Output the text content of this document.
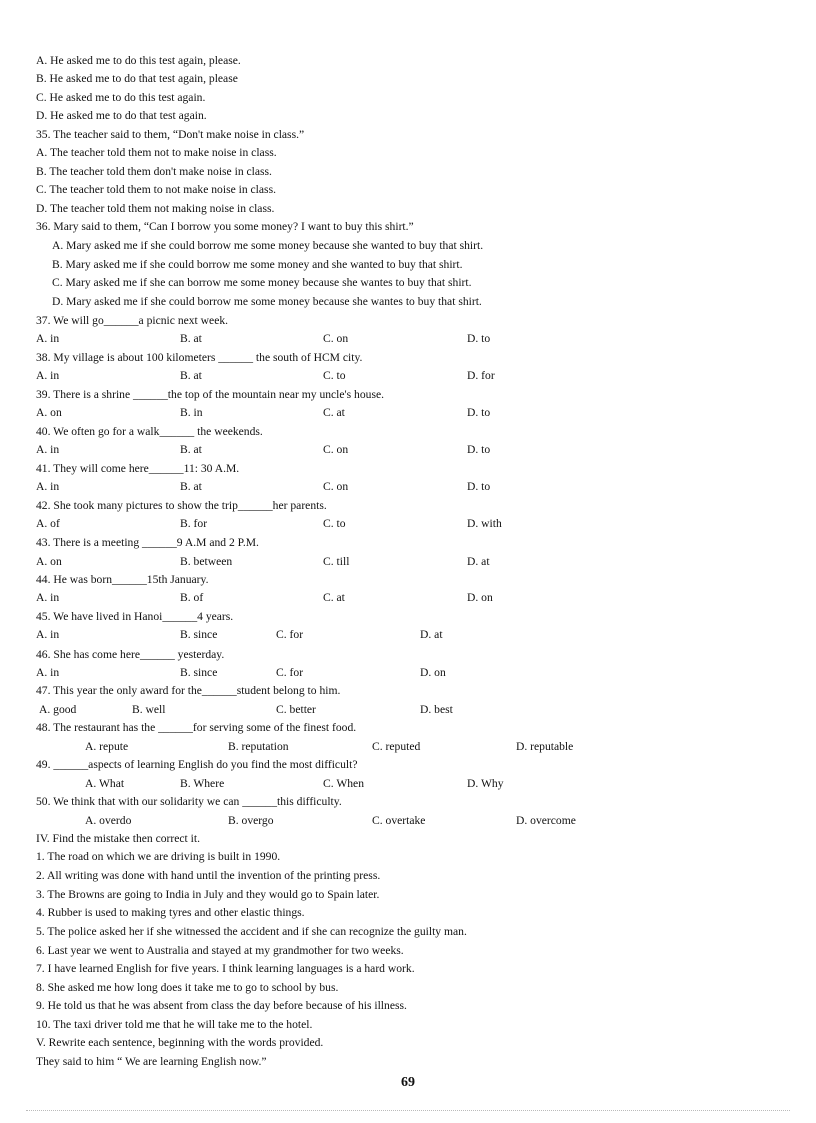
A. He asked me to do this test again, please.
B. He asked me to do that test again, please
C. He asked me to do this test again.
D. He asked me to do that test again.
35. The teacher said to them, “Don't make noise in class.”
A. The teacher told them not to make noise in class.
B. The teacher told them don't make noise in class.
C. The teacher told them to not make noise in class.
D. The teacher told them not making noise in class.
36. Mary said to them, “Can I borrow you some money? I want to buy this shirt.”
A. Mary asked me if she could borrow me some money because she wanted to buy that shirt.
B. Mary asked me if she could borrow me some money and she wanted to buy that shirt.
C. Mary asked me if she can borrow me some money because she wantes to buy that shirt.
D. Mary asked me if she could borrow me some money because she wantes to buy that shirt.
37. We will go______a picnic next week.
A. in	B. at	C. on	D. to
38. My village is about 100 kilometers ______ the south of HCM city.
A. in	B. at	C. to	D. for
39. There is a shrine ______the top of the mountain near my uncle's house.
A. on	B. in	C. at	D. to
40. We often go for a walk______ the weekends.
A. in	B. at	C. on	D. to
41. They will come here______11: 30 A.M.
A. in	B. at	C. on	D. to
42. She took many pictures to show the trip______her parents.
A. of	B. for	C. to	D. with
43. There is a meeting ______9 A.M and 2 P.M.
A. on	B. between	C. till	D. at
44. He was born______15th January.
A. in	B. of	C. at	D. on
45. We have lived in Hanoi______4 years.
A. in	B. since	C. for	D. at
46. She has come here______ yesterday.
A. in	B. since	C. for	D. on
47. This year the only award for the______student belong to him.
A. good	B. well	C. better	D. best
48. The restaurant has the ______for serving some of the finest food.
A. repute	B. reputation	C. reputed	D. reputable
49. ______aspects of learning English do you find the most difficult?
A. What	B. Where	C. When	D. Why
50. We think that with our solidarity we can ______this difficulty.
A. overdo	B. overgo	C. overtake	D. overcome
IV. Find the mistake then correct it.
1. The road on which we are driving is built in 1990.
2. All writing was done with hand until the invention of the printing press.
3. The Browns are going to India in July and they would go to Spain later.
4. Rubber is used to making tyres and other elastic things.
5. The police asked her if she witnessed the accident and if she can recognize the guilty man.
6. Last year we went to Australia and stayed at my grandmother for two weeks.
7. I have learned English for five years. I think learning languages is a hard work.
8. She asked me how long does it take me to go to school by bus.
9. He told us that he was absent from class the day before because of his illness.
10. The taxi driver told me that he will take me to the hotel.
V. Rewrite each sentence, beginning with the words provided.
They said to him “ We are learning English now.”
69
